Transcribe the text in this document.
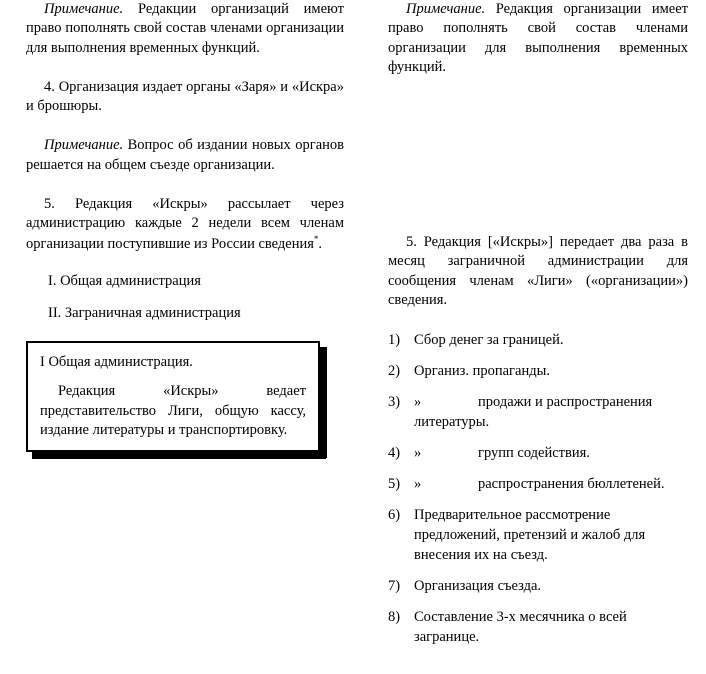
Примечание. Редакции организаций имеют право пополнять свой состав членами организации для выполнения временных функций.

4. Организация издает органы «Заря» и «Искра» и брошюры.

Примечание. Вопрос об издании новых органов решается на общем съезде организации.

5. Редакция «Искры» рассылает через администрацию каждые 2 недели всем членам организации поступившие из России сведения*.

I. Общая администрация
II. Заграничная администрация

I Общая администрация.

Редакция «Искры» ведает представительство Лиги, общую кассу, издание литературы и транспортировку.

Примечание. Редакция организации имеет право пополнять свой состав членами организации для выполнения временных функций.

5. Редакция [«Искры»] передает два раза в месяц заграничной администрации для сообщения членам «Лиги» («организации») сведения.

1) Сбор денег за границей.
2) Организ. пропаганды.
3) »	продажи и распространения литературы.
4) »	групп содействия.
5) »	распространения бюллетеней.
6) Предварительное рассмотрение предложений, претензий и жалоб для внесения их на съезд.
7) Организация съезда.
8) Составление 3-х месячника о всей загранице.
